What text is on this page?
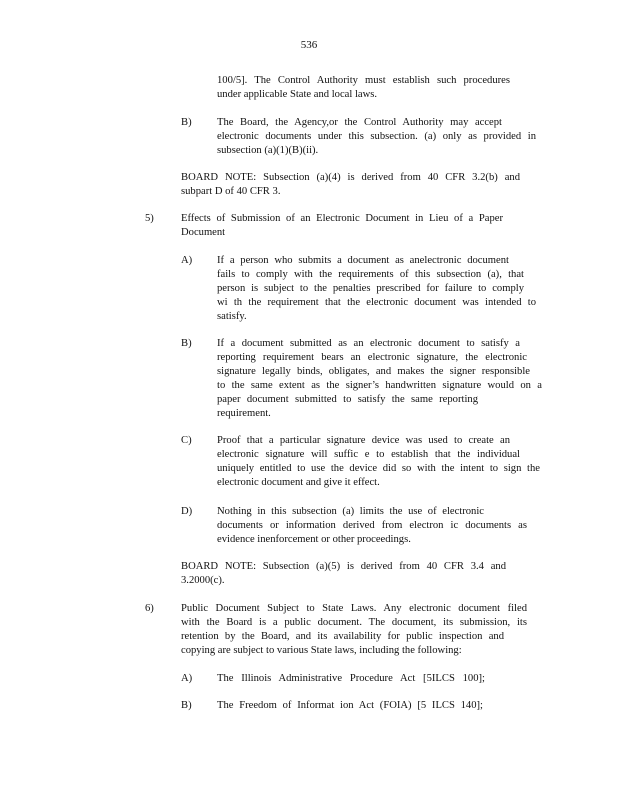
536
100/5]. The Control Authority must establish such procedures
under applicable State and local laws.
B) The Board, the Agency,or the Control Authority may accept
electronic documents under this subsection. (a) only as provided in
subsection (a)(1)(B)(ii).
BOARD NOTE: Subsection (a)(4) is derived from 40 CFR 3.2(b) and
subpart D of 40 CFR 3.
5)	Effects of Submission of an Electronic Document in Lieu of a Paper
Document
A) If a person who submits a document as anelectronic document
fails to comply with the requirements of this subsection (a), that
person is subject to the penalties prescribed for failure to comply
wi th the requirement that the electronic document was intended to
satisfy.
B) If a document submitted as an electronic document to satisfy a
reporting requirement bears an electronic signature, the electronic
signature legally binds, obligates, and makes the signer responsible
to the same extent as the signer’s handwritten signature would on a
paper document submitted to satisfy the same reporting
requirement.
C) Proof that a particular signature device was used to create an
electronic signature will suffic e to establish that the individual
uniquely entitled to use the device did so with the intent to sign the
electronic document and give it effect.
D) Nothing in this subsection (a) limits the use of electronic
documents or information derived from electron ic documents as
evidence inenforcement or other proceedings.
BOARD NOTE: Subsection (a)(5) is derived from 40 CFR 3.4 and
3.2000(c).
6)	Public Document Subject to State Laws. Any electronic document filed
with the Board is a public document. The document, its submission, its
retention by the Board, and its availability for public inspection and
copying are subject to various State laws, including the following:
A) The Illinois Administrative Procedure Act [5ILCS 100];
B) The Freedom of Informat ion Act (FOIA) [5 ILCS 140];
